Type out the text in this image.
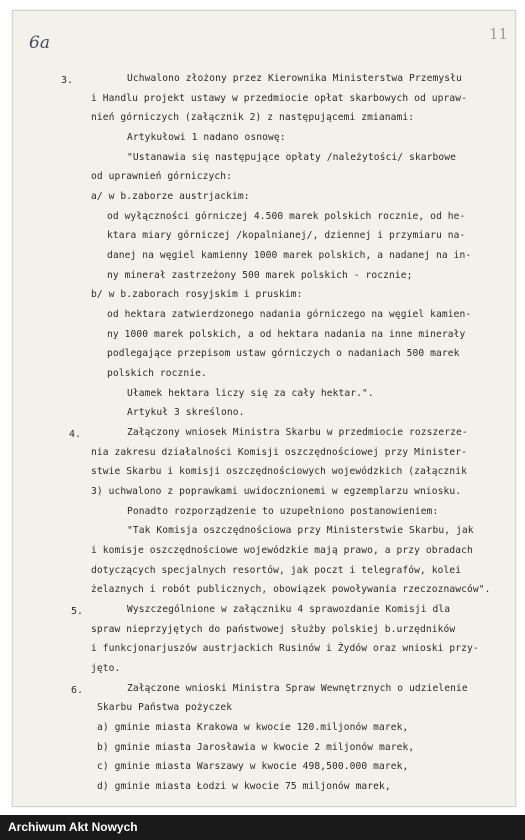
6a	11
3.	Uchwalono złożony przez Kierownika Ministerstwa Przemysłu
i Handlu projekt ustawy w przedmiocie opłat skarbowych od upraw-
nień górniczych (załącznik 2) z następującemi zmianami:
Artykułowi 1 nadano osnowę:
"Ustanawia się następujące opłaty /należytości/ skarbowe
od uprawnień górniczych:
a/ w b.zaborze austrjackim:
od wyłączności górniczej 4.500 marek polskich rocznie, od he-
ktara miary górniczej /kopalnianej/, dziennej i przymiaru na-
danej na węgiel kamienny 1000 marek polskich, a nadanej na in-
ny minerał zastrzeżony 500 marek polskich - rocznie;
b/ w b.zaborach rosyjskim i pruskim:
od hektara zatwierdzonego nadania górniczego na węgiel kamien-
ny 1000 marek polskich, a od hektara nadania na inne minerały
podlegające przepisom ustaw górniczych o nadaniach 500 marek
polskich rocznie.
Ułamek hektara liczy się za cały hektar.".
Artykuł 3 skreślono.
4.	Załączony wniosek Ministra Skarbu w przedmiocie rozszerze-
nia zakresu działalności Komisji oszczędnościowej przy Minister-
stwie Skarbu i komisji oszczędnościowych wojewódzkich (załącznik
3) uchwalono z poprawkami uwidocznionemi w egzemplarzu wniosku.
Ponadto rozporządzenie to uzupełniono postanowieniem:
"Tak Komisja oszczędnościowa przy Ministerstwie Skarbu, jak
i komisje oszczędnościowe wojewódzkie mają prawo, a przy obradach
dotyczących specjalnych resortów, jak poczt i telegrafów, kolei
żelaznych i robót publicznych, obowiązek powoływania rzeczoznawców".
5.	Wyszczególnione w załączniku 4 sprawozdanie Komisji dla
spraw nieprzyjętych do państwowej służby polskiej b.urzędników
i funkcjonarjuszów austrjackich Rusinów i Żydów oraz wnioski przy-
jęto.
6.	Załączone wnioski Ministra Spraw Wewnętrznych o udzielenie
Skarbu Państwa pożyczek
a) gminie miasta Krakowa w kwocie 120.miljonów marek,
b) gminie miasta Jarosławia w kwocie 2 miljonów marek,
c) gminie miasta Warszawy w kwocie 498,500.000 marek,
d) gminie miasta Łodzi w kwocie 75 miljonów marek,
Archiwum Akt Nowych
